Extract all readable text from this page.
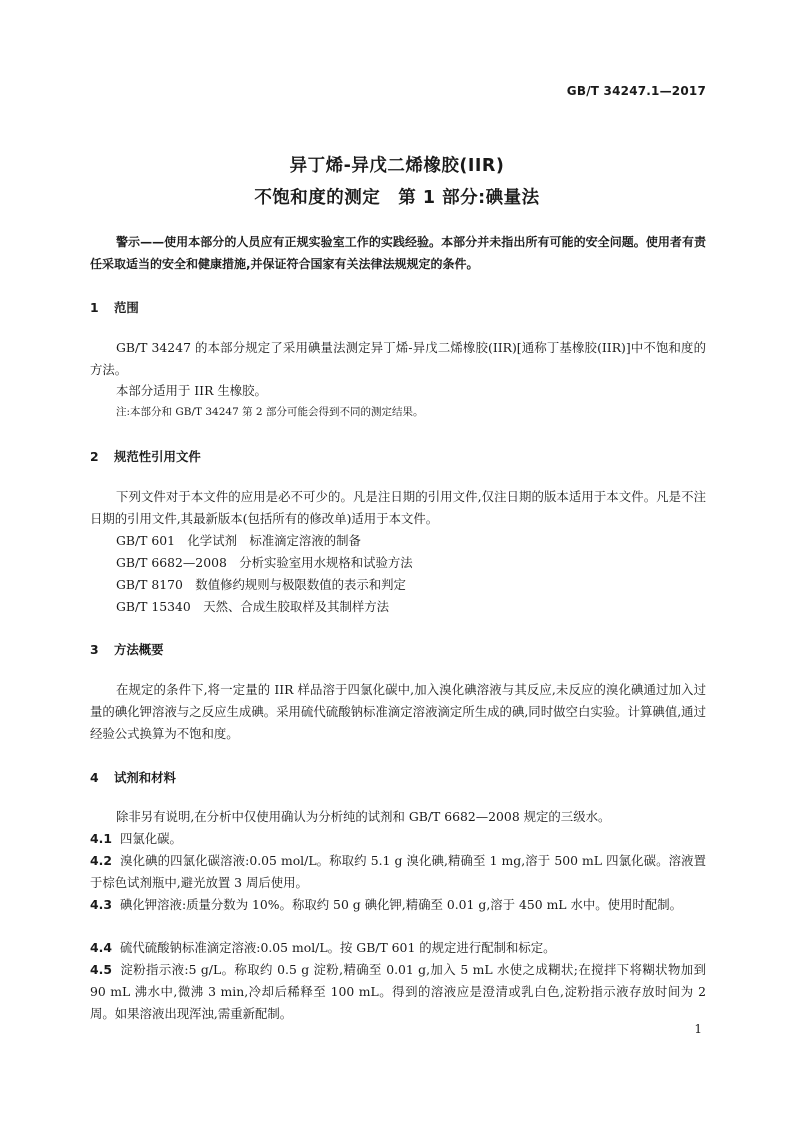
GB/T 34247.1—2017
异丁烯-异戊二烯橡胶(IIR)
不饱和度的测定　第 1 部分:碘量法
警示——使用本部分的人员应有正规实验室工作的实践经验。本部分并未指出所有可能的安全问题。使用者有责任采取适当的安全和健康措施,并保证符合国家有关法律法规规定的条件。
1 范围
GB/T 34247 的本部分规定了采用碘量法测定异丁烯-异戊二烯橡胶(IIR)[通称丁基橡胶(IIR)]中不饱和度的方法。
本部分适用于 IIR 生橡胶。
注:本部分和 GB/T 34247 第 2 部分可能会得到不同的测定结果。
2 规范性引用文件
下列文件对于本文件的应用是必不可少的。凡是注日期的引用文件,仅注日期的版本适用于本文件。凡是不注日期的引用文件,其最新版本(包括所有的修改单)适用于本文件。
GB/T 601　化学试剂　标准滴定溶液的制备
GB/T 6682—2008　分析实验室用水规格和试验方法
GB/T 8170　数值修约规则与极限数值的表示和判定
GB/T 15340　天然、合成生胶取样及其制样方法
3 方法概要
在规定的条件下,将一定量的 IIR 样品溶于四氯化碳中,加入溴化碘溶液与其反应,未反应的溴化碘通过加入过量的碘化钾溶液与之反应生成碘。采用硫代硫酸钠标准滴定溶液滴定所生成的碘,同时做空白实验。计算碘值,通过经验公式换算为不饱和度。
4 试剂和材料
除非另有说明,在分析中仅使用确认为分析纯的试剂和 GB/T 6682—2008 规定的三级水。
4.1 四氯化碳。
4.2 溴化碘的四氯化碳溶液:0.05 mol/L。称取约 5.1 g 溴化碘,精确至 1 mg,溶于 500 mL 四氯化碳。溶液置于棕色试剂瓶中,避光放置 3 周后使用。
4.3 碘化钾溶液:质量分数为 10%。称取约 50 g 碘化钾,精确至 0.01 g,溶于 450 mL 水中。使用时配制。
4.4 硫代硫酸钠标准滴定溶液:0.05 mol/L。按 GB/T 601 的规定进行配制和标定。
4.5 淀粉指示液:5 g/L。称取约 0.5 g 淀粉,精确至 0.01 g,加入 5 mL 水使之成糊状;在搅拌下将糊状物加到 90 mL 沸水中,微沸 3 min,冷却后稀释至 100 mL。得到的溶液应是澄清或乳白色,淀粉指示液存放时间为 2 周。如果溶液出现浑浊,需重新配制。
1
